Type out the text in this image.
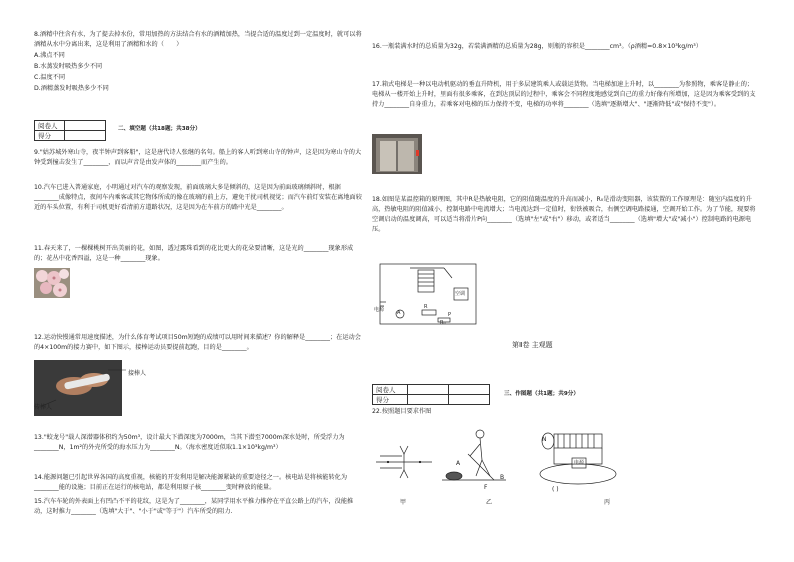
8.酒精中往含有水，为了提去掉水份，常用加热的方法结合有水的酒精加热，当提合适的温度过到一定温度时，就可以将酒精从水中分离出来，这是利用了酒精和水的（　　）
A.沸点不同
B.水蒸发时吸热多少不同
C.温度不同
D.酒精蒸发时吸热多少不同
阅卷人	
得分	
二、填空题（共18题；共38分）
9."姑苏城外寒山寺，夜半钟声到客船"，这是唐代诗人张继的名句。船上的客人听到寒山寺的钟声，这是因为寒山寺的大钟受到撞击发生了________，而以声音是由发声体的________而产生的。
10.汽车已进入普通家庭，小明通过对汽车的观察发现，前面玻璃大多是倾斜的，这是因为前面玻璃倾斜时，根据________成像特点，夜间车内乘客或其它物体所成的像在玻璃的前上方，避免干扰司机视觉；而汽车前灯安装在离地面较近的车头位置，有利于司机更好看清前方道路状况，这是因为在车前方的路中光是________。
11.春天来了，一棵棵桃树开出美丽的花，如图，透过露珠看到的花比更大的花朵要清晰，这是光的________现象形成的；花丛中花香四溢，这是一种________现象。
12.运动快慢通常用速度描述，为什么体育考试项目50m短跑的成绩可以用时间来描述？你的解释是________；在运动会的4×100m的接力赛中，如下图示，接棒运动员要提前起跑，目的是________。
接棒人
传棒人
13."蛟龙号"载人深潜器体积约为50m³，设计最大下潜深度为7000m，当其下潜至7000m深水处时，所受浮力为________N，1m²的外壳所受的海水压力为________N。（海水密度近似取1.1×10³kg/m³）
14.能源问题已引起世界各国的高度重视，核能的开发利用是解决能源紧缺的重要途径之一。核电站是将核能转化为________能的设施；目前正在运行的核电站，都是利用原子核________变时释放的能量。
15.汽车车轮的外表面上有凹凸不平的花纹，这是为了________，某同学用水平推力推停在平直公路上的汽车，没能推动，这时推力________（选填"大于"、"小于"或"等于"）汽车所受的阻力.
16.一瓶装满水时的总质量为32g，若装满酒精的总质量为28g，则瓶的容积是________cm³。（ρ酒精=0.8×10³kg/m³）
17.箱式电梯是一种以电动机驱动的垂直升降机，用于多层建筑乘人或载运货物。当电梯加速上升时，以________为参照物，乘客是静止的；电梯从一楼开始上升时，里面有很多乘客，在到达顶层的过程中，乘客会不同程度地感觉到自己的重力好像有所增加，这是因为乘客受到的支持力________自身重力，若乘客对电梯的压力保持不变，电梯的功率将________（选填"逐渐增大"、"逐渐降低"或"保持不变"）。
18.如图是某温控箱的原理图，其中R是热敏电阻，它的阻值随温度的升高而减小，R₀是滑动变阻器，该装置的工作原理是：随室内温度的升高，热敏电阻的阻值减小，控制电路中电流增大；当电流达到一定值时，衔铁被吸合，右侧空调电路接通，空调开始工作。为了节能，现要将空调启动的温度调高，可以适当将滑片P向________（选填"左"或"右"）移动，或者适当________（选填"增大"或"减小"）控制电路的电源电压。
空调
电源	A
R
R₀
P
第Ⅱ卷 主观题
阅卷人		
得分		
三、作图题（共1题；共9分）
22.按照题目要求作图
甲
A
B
F
乙
N
电源
( )
丙
